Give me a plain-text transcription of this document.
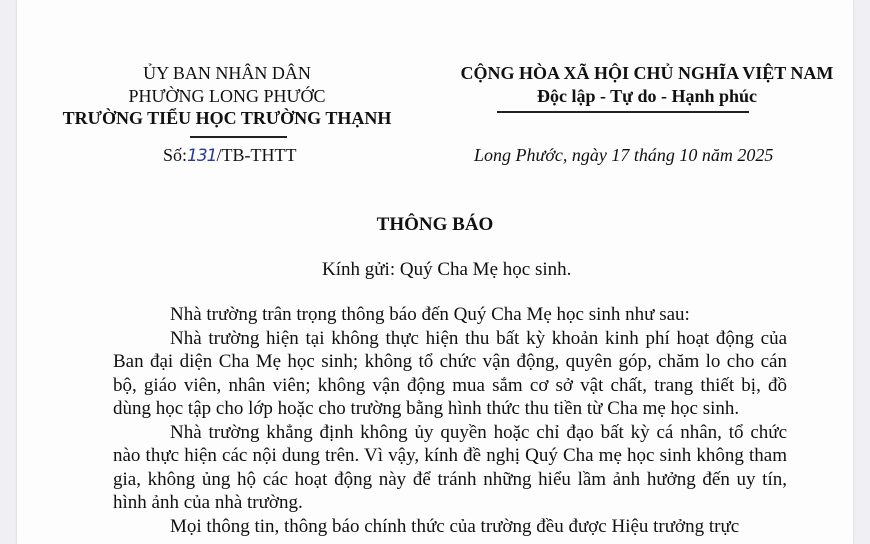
ỦY BAN NHÂN DÂN
PHƯỜNG LONG PHƯỚC
TRƯỜNG TIỂU HỌC TRƯỜNG THẠNH
CỘNG HÒA XÃ HỘI CHỦ NGHĨA VIỆT NAM
Độc lập - Tự do - Hạnh phúc
Số:131/TB-THTT	Long Phước, ngày 17 tháng 10 năm 2025
THÔNG BÁO
Kính gửi: Quý Cha Mẹ học sinh.

Nhà trường trân trọng thông báo đến Quý Cha Mẹ học sinh như sau:

Nhà trường hiện tại không thực hiện thu bất kỳ khoản kinh phí hoạt động của Ban đại diện Cha Mẹ học sinh; không tổ chức vận động, quyên góp, chăm lo cho cán bộ, giáo viên, nhân viên; không vận động mua sắm cơ sở vật chất, trang thiết bị, đồ dùng học tập cho lớp hoặc cho trường bằng hình thức thu tiền từ Cha mẹ học sinh.

Nhà trường khẳng định không ủy quyền hoặc chỉ đạo bất kỳ cá nhân, tổ chức nào thực hiện các nội dung trên. Vì vậy, kính đề nghị Quý Cha mẹ học sinh không tham gia, không ủng hộ các hoạt động này để tránh những hiểu lầm ảnh hưởng đến uy tín, hình ảnh của nhà trường.

Mọi thông tin, thông báo chính thức của trường đều được Hiệu trưởng trực
